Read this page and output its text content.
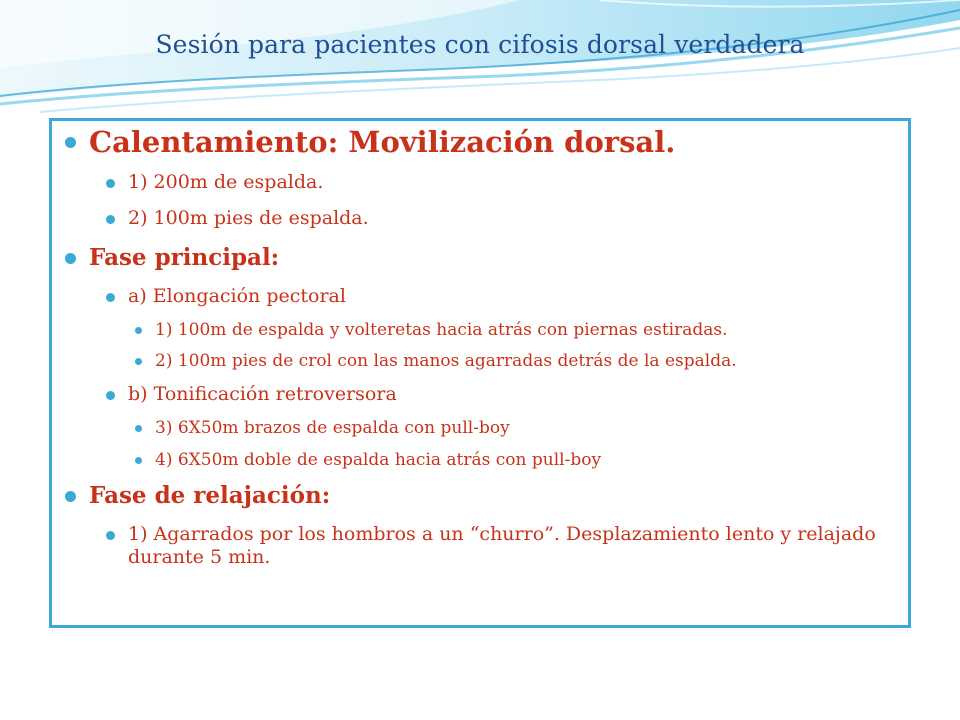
Sesión para pacientes con cifosis dorsal verdadera
Calentamiento: Movilización dorsal.
1) 200m de espalda.
2) 100m pies de espalda.
Fase principal:
a) Elongación pectoral
1) 100m de espalda y volteretas hacia atrás con piernas estiradas.
2) 100m pies de crol con las manos agarradas detrás de la espalda.
b) Tonificación retroversora
3) 6X50m brazos de espalda con pull-boy
4) 6X50m doble de espalda hacia atrás con pull-boy
Fase de relajación:
1) Agarrados por los hombros a un “churro”. Desplazamiento lento y relajado durante 5 min.
